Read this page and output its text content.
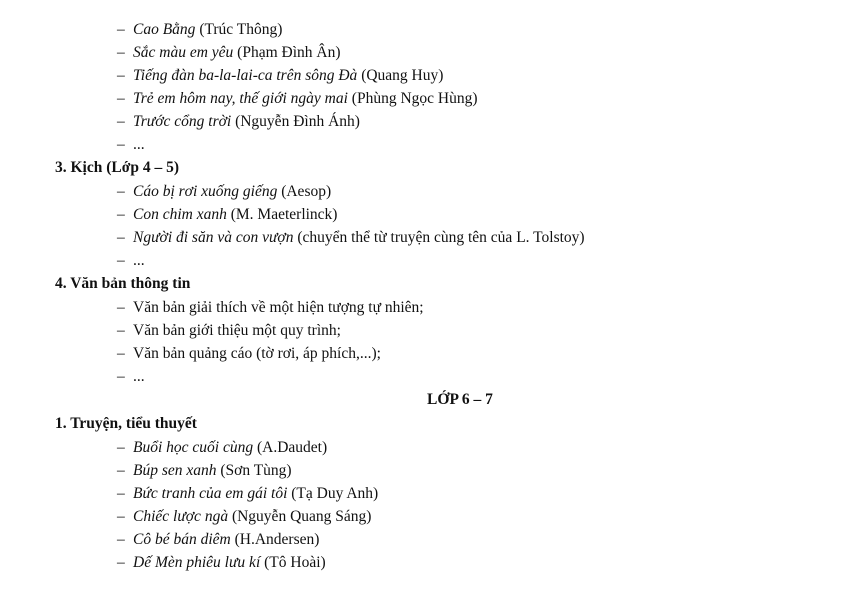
– Cao Bằng (Trúc Thông)
– Sắc màu em yêu (Phạm Đình Ân)
– Tiếng đàn ba-la-lai-ca trên sông Đà (Quang Huy)
– Trẻ em hôm nay, thế giới ngày mai (Phùng Ngọc Hùng)
– Trước cổng trời (Nguyễn Đình Ánh)
– ...
3. Kịch (Lớp 4 – 5)
– Cáo bị rơi xuống giếng (Aesop)
– Con chim xanh (M. Maeterlinck)
– Người đi săn và con vượn (chuyển thể từ truyện cùng tên của L. Tolstoy)
– ...
4. Văn bản thông tin
– Văn bản giải thích về một hiện tượng tự nhiên;
– Văn bản giới thiệu một quy trình;
– Văn bản quảng cáo (tờ rơi, áp phích,...);
– ...
LỚP 6 – 7
1. Truyện, tiểu thuyết
– Buổi học cuối cùng (A.Daudet)
– Búp sen xanh (Sơn Tùng)
– Bức tranh của em gái tôi (Tạ Duy Anh)
– Chiếc lược ngà (Nguyễn Quang Sáng)
– Cô bé bán diêm (H.Andersen)
– Dế Mèn phiêu lưu kí (Tô Hoài)
